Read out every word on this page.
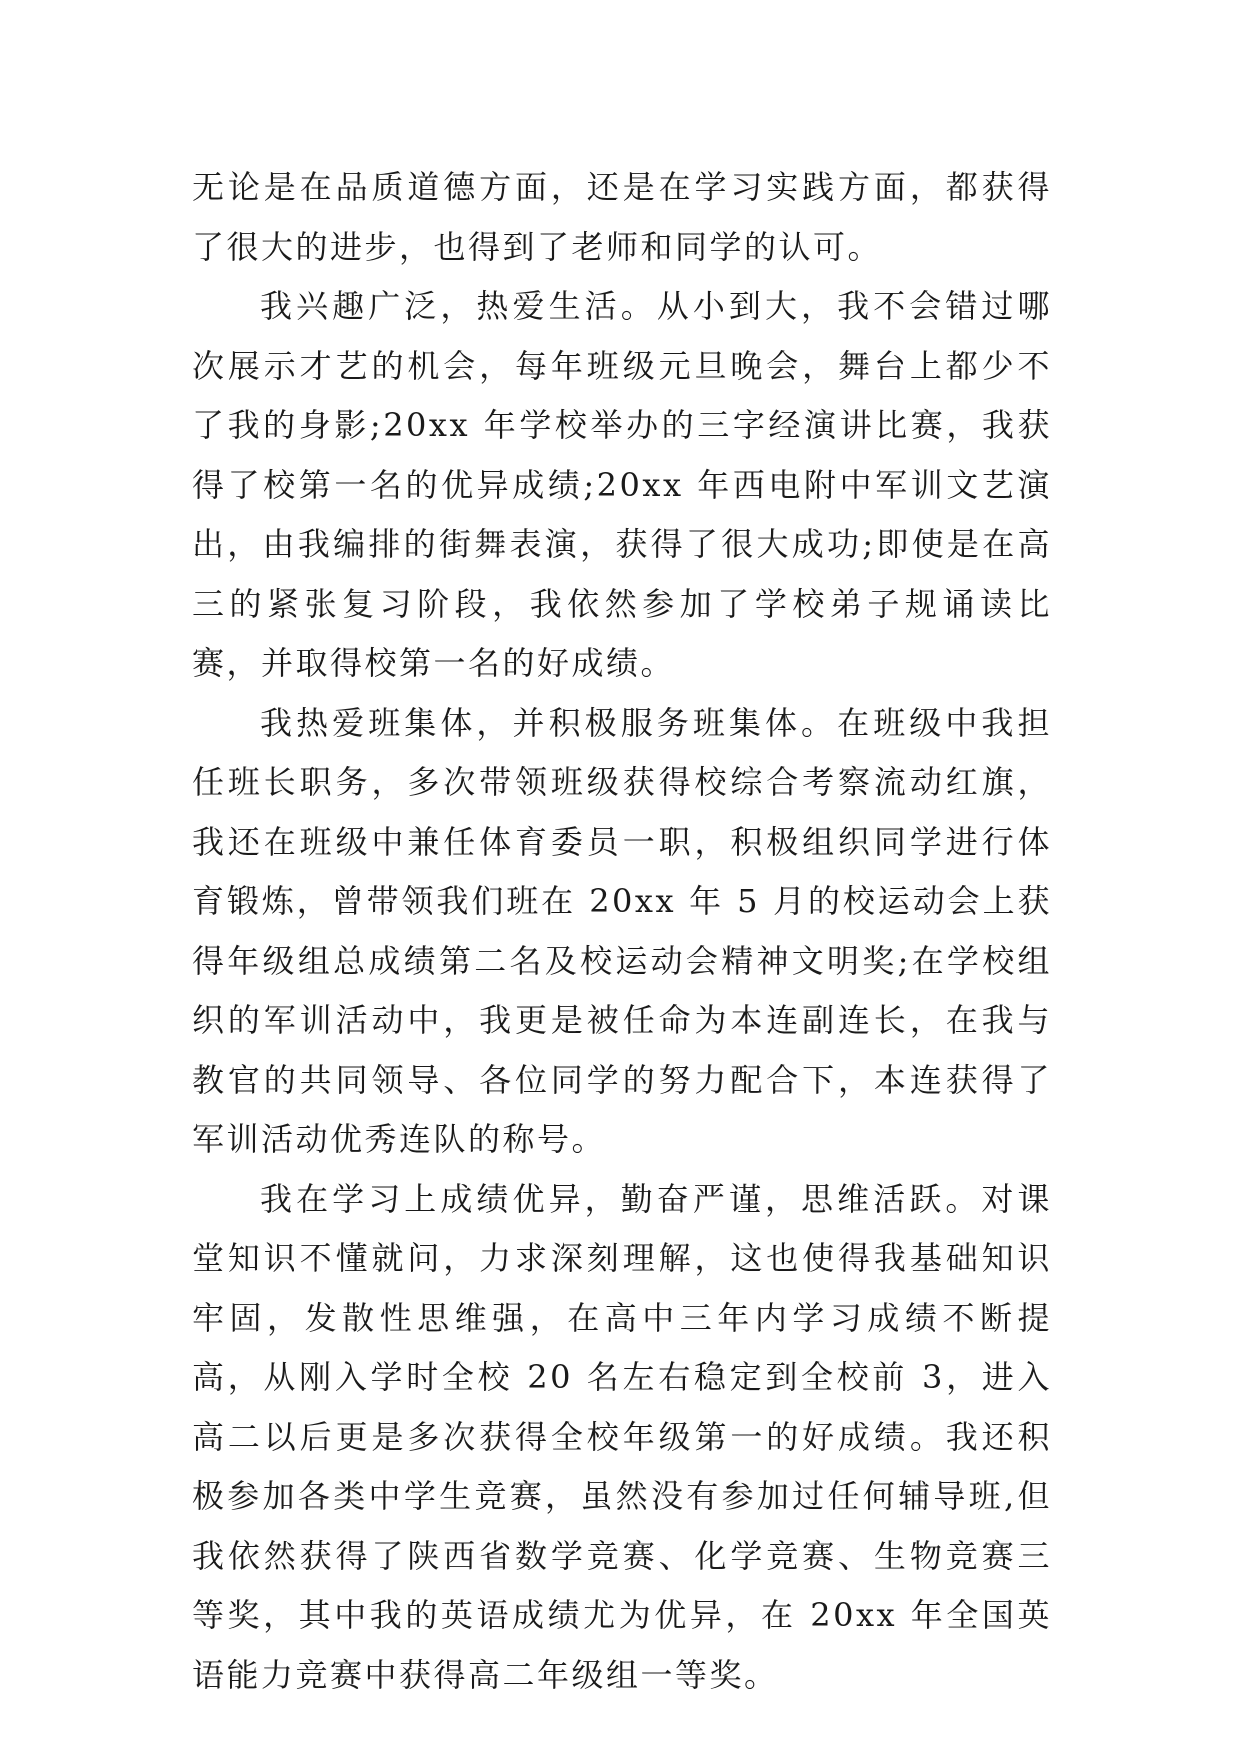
无论是在品质道德方面，还是在学习实践方面，都获得了很大的进步，也得到了老师和同学的认可。

我兴趣广泛，热爱生活。从小到大，我不会错过哪次展示才艺的机会，每年班级元旦晚会，舞台上都少不了我的身影;20xx 年学校举办的三字经演讲比赛，我获得了校第一名的优异成绩;20xx 年西电附中军训文艺演出，由我编排的街舞表演，获得了很大成功;即使是在高三的紧张复习阶段，我依然参加了学校弟子规诵读比赛，并取得校第一名的好成绩。

我热爱班集体，并积极服务班集体。在班级中我担任班长职务，多次带领班级获得校综合考察流动红旗，我还在班级中兼任体育委员一职，积极组织同学进行体育锻炼，曾带领我们班在 20xx 年 5 月的校运动会上获得年级组总成绩第二名及校运动会精神文明奖;在学校组织的军训活动中，我更是被任命为本连副连长，在我与教官的共同领导、各位同学的努力配合下，本连获得了军训活动优秀连队的称号。

我在学习上成绩优异，勤奋严谨，思维活跃。对课堂知识不懂就问，力求深刻理解，这也使得我基础知识牢固，发散性思维强，在高中三年内学习成绩不断提高，从刚入学时全校 20 名左右稳定到全校前 3，进入高二以后更是多次获得全校年级第一的好成绩。我还积极参加各类中学生竞赛，虽然没有参加过任何辅导班,但我依然获得了陕西省数学竞赛、化学竞赛、生物竞赛三等奖，其中我的英语成绩尤为优异，在 20xx 年全国英语能力竞赛中获得高二年级组一等奖。
